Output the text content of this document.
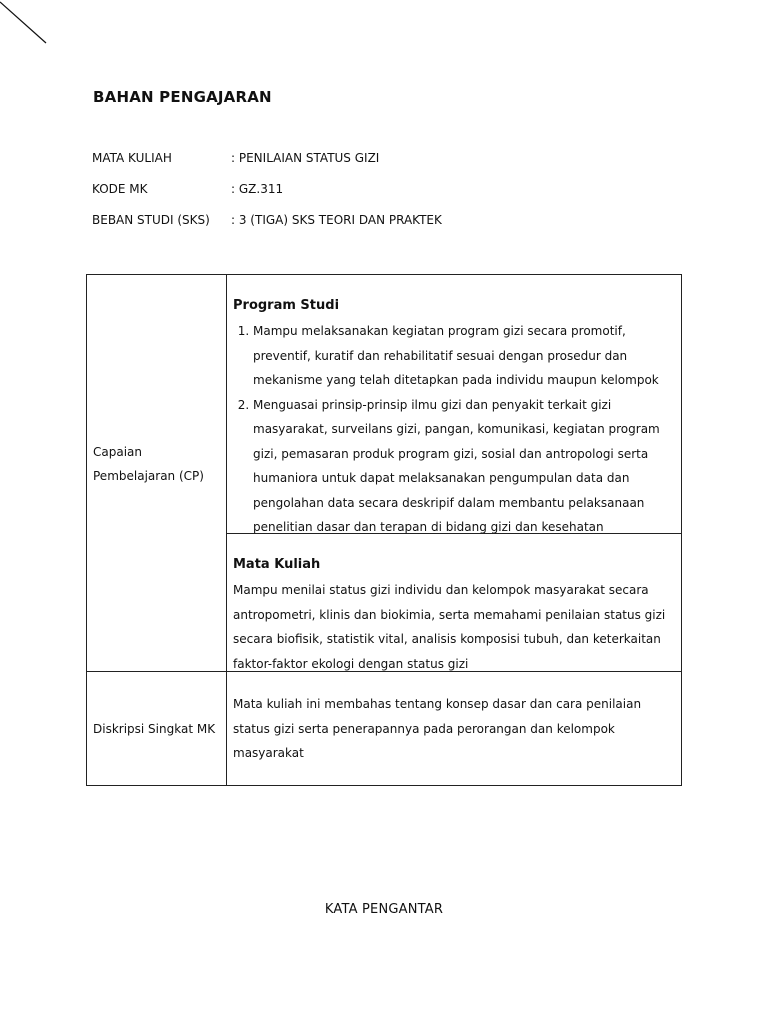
BAHAN PENGAJARAN
MATA KULIAH	: PENILAIAN STATUS GIZI
KODE MK	: GZ.311
BEBAN STUDI (SKS) : 3 (TIGA) SKS TEORI DAN PRAKTEK
Capaian
Pembelajaran (CP)
Program Studi
1. Mampu melaksanakan kegiatan program gizi secara promotif, preventif, kuratif dan rehabilitatif sesuai dengan prosedur dan mekanisme yang telah ditetapkan pada individu maupun kelompok
2. Menguasai prinsip-prinsip ilmu gizi dan penyakit terkait gizi masyarakat, surveilans gizi, pangan, komunikasi, kegiatan program gizi, pemasaran produk program gizi, sosial dan antropologi serta humaniora untuk dapat melaksanakan pengumpulan data dan pengolahan data secara deskripif dalam membantu pelaksanaan penelitian dasar dan terapan di bidang gizi dan kesehatan
Mata Kuliah
Mampu menilai status gizi individu dan kelompok masyarakat secara antropometri, klinis dan biokimia, serta memahami penilaian status gizi secara biofisik, statistik vital, analisis komposisi tubuh, dan keterkaitan faktor-faktor ekologi dengan status gizi
Diskripsi Singkat MK
Mata kuliah ini membahas tentang konsep dasar dan cara penilaian status gizi serta penerapannya pada perorangan dan kelompok masyarakat
KATA PENGANTAR
